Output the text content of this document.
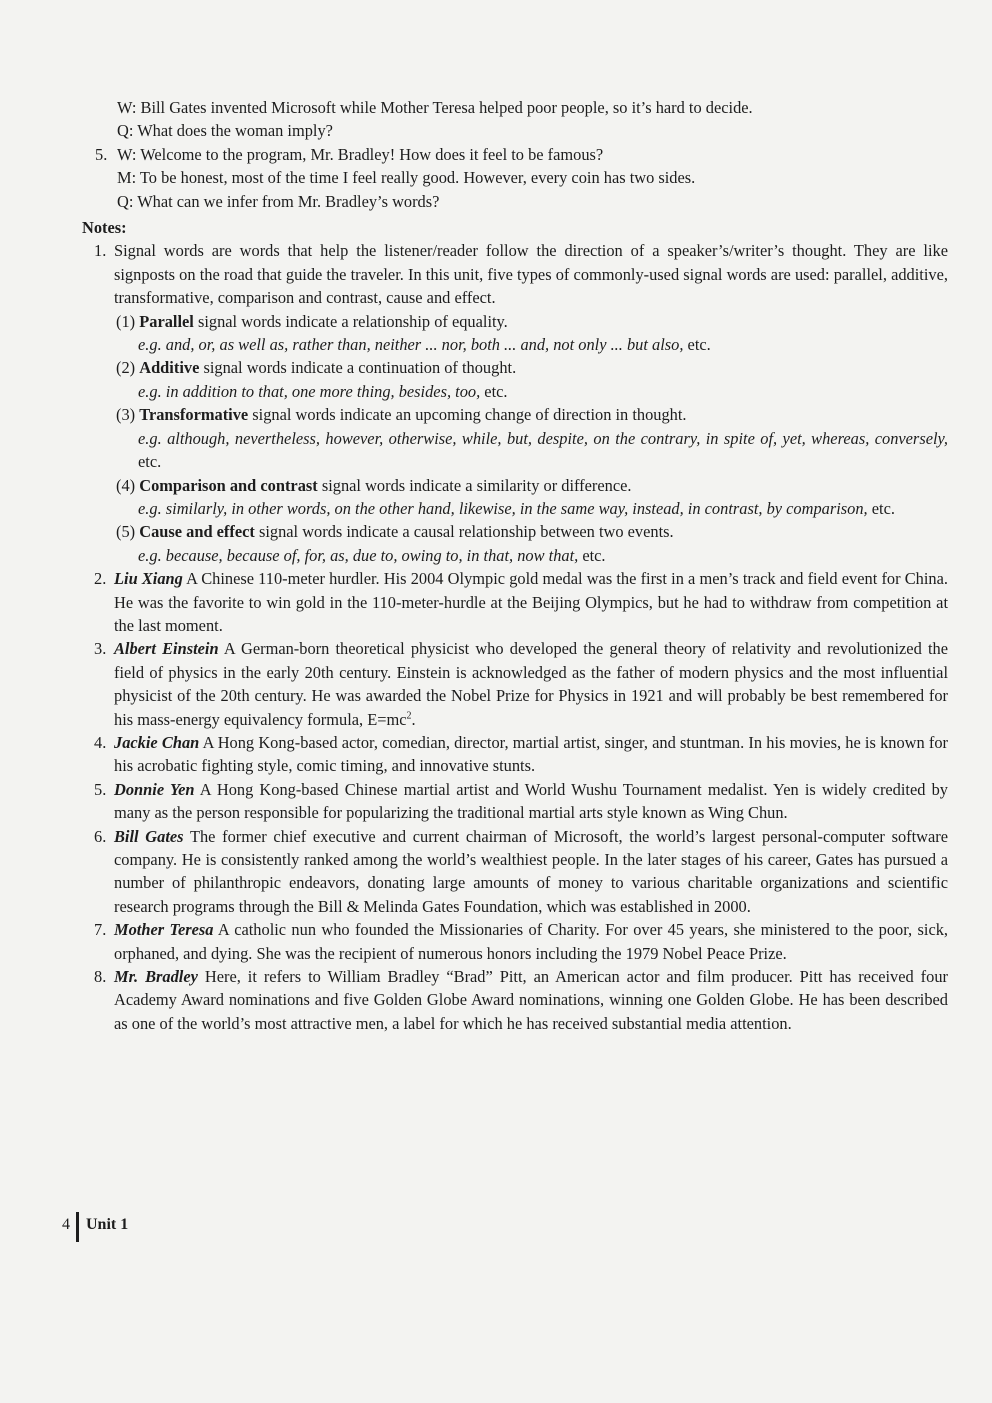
W: Bill Gates invented Microsoft while Mother Teresa helped poor people, so it’s hard to decide.
Q: What does the woman imply?
5. W: Welcome to the program, Mr. Bradley! How does it feel to be famous?
M: To be honest, most of the time I feel really good. However, every coin has two sides.
Q: What can we infer from Mr. Bradley’s words?
Notes:
1. Signal words are words that help the listener/reader follow the direction of a speaker’s/writer’s thought. They are like signposts on the road that guide the traveler. In this unit, five types of commonly-used signal words are used: parallel, additive, transformative, comparison and contrast, cause and effect.
(1) Parallel signal words indicate a relationship of equality.
e.g. and, or, as well as, rather than, neither ... nor, both ... and, not only ... but also, etc.
(2) Additive signal words indicate a continuation of thought.
e.g. in addition to that, one more thing, besides, too, etc.
(3) Transformative signal words indicate an upcoming change of direction in thought.
e.g. although, nevertheless, however, otherwise, while, but, despite, on the contrary, in spite of, yet, whereas, conversely, etc.
(4) Comparison and contrast signal words indicate a similarity or difference.
e.g. similarly, in other words, on the other hand, likewise, in the same way, instead, in contrast, by comparison, etc.
(5) Cause and effect signal words indicate a causal relationship between two events.
e.g. because, because of, for, as, due to, owing to, in that, now that, etc.
2. Liu Xiang A Chinese 110-meter hurdler. His 2004 Olympic gold medal was the first in a men’s track and field event for China. He was the favorite to win gold in the 110-meter-hurdle at the Beijing Olympics, but he had to withdraw from competition at the last moment.
3. Albert Einstein A German-born theoretical physicist who developed the general theory of relativity and revolutionized the field of physics in the early 20th century. Einstein is acknowledged as the father of modern physics and the most influential physicist of the 20th century. He was awarded the Nobel Prize for Physics in 1921 and will probably be best remembered for his mass-energy equivalency formula, $E=mc^2$.
4. Jackie Chan A Hong Kong-based actor, comedian, director, martial artist, singer, and stuntman. In his movies, he is known for his acrobatic fighting style, comic timing, and innovative stunts.
5. Donnie Yen A Hong Kong-based Chinese martial artist and World Wushu Tournament medalist. Yen is widely credited by many as the person responsible for popularizing the traditional martial arts style known as Wing Chun.
6. Bill Gates The former chief executive and current chairman of Microsoft, the world’s largest personal-computer software company. He is consistently ranked among the world’s wealthiest people. In the later stages of his career, Gates has pursued a number of philanthropic endeavors, donating large amounts of money to various charitable organizations and scientific research programs through the Bill & Melinda Gates Foundation, which was established in 2000.
7. Mother Teresa A catholic nun who founded the Missionaries of Charity. For over 45 years, she ministered to the poor, sick, orphaned, and dying. She was the recipient of numerous honors including the 1979 Nobel Peace Prize.
8. Mr. Bradley Here, it refers to William Bradley “Brad” Pitt, an American actor and film producer. Pitt has received four Academy Award nominations and five Golden Globe Award nominations, winning one Golden Globe. He has been described as one of the world’s most attractive men, a label for which he has received substantial media attention.
4 Unit 1
